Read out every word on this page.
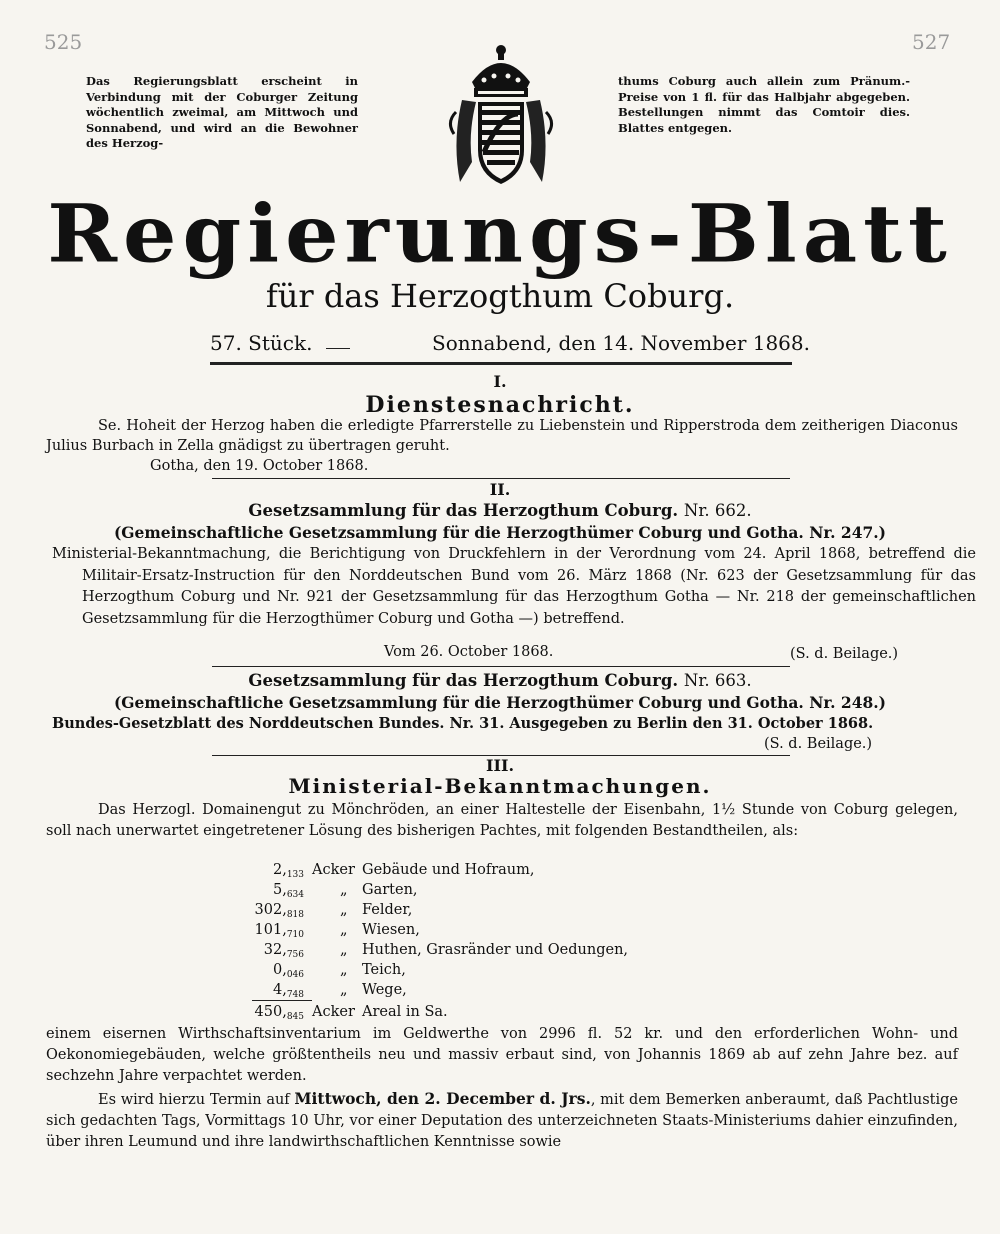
525	527
Das Regierungsblatt erscheint in Verbindung mit der Coburger Zeitung wöchentlich zweimal, am Mittwoch und Sonnabend, und wird an die Bewohner des Herzog-
thums Coburg auch allein zum Pränum.-Preise von 1 fl. für das Halbjahr abgegeben. Bestellungen nimmt das Comtoir dies. Blattes entgegen.
Regierungs-Blatt
für das Herzogthum Coburg.
57. Stück.	Sonnabend, den 14. November 1868.
I.
Dienstesnachricht.
Se. Hoheit der Herzog haben die erledigte Pfarrerstelle zu Liebenstein und Ripperstroda dem zeitherigen Diaconus Julius Burbach in Zella gnädigst zu übertragen geruht.
Gotha, den 19. October 1868.
II.
Gesetzsammlung für das Herzogthum Coburg. Nr. 662.
(Gemeinschaftliche Gesetzsammlung für die Herzogthümer Coburg und Gotha. Nr. 247.)
Ministerial-Bekanntmachung, die Berichtigung von Druckfehlern in der Verordnung vom 24. April 1868, betreffend die Militair-Ersatz-Instruction für den Norddeutschen Bund vom 26. März 1868 (Nr. 623 der Gesetzsammlung für das Herzogthum Coburg und Nr. 921 der Gesetzsammlung für das Herzogthum Gotha — Nr. 218 der gemeinschaftlichen Gesetzsammlung für die Herzogthümer Coburg und Gotha —) betreffend.
Vom 26. October 1868.	(S. d. Beilage.)
Gesetzsammlung für das Herzogthum Coburg. Nr. 663.
(Gemeinschaftliche Gesetzsammlung für die Herzogthümer Coburg und Gotha. Nr. 248.)
Bundes-Gesetzblatt des Norddeutschen Bundes. Nr. 31. Ausgegeben zu Berlin den 31. October 1868.
(S. d. Beilage.)
III.
Ministerial-Bekanntmachungen.
Das Herzogl. Domainengut zu Mönchröden, an einer Haltestelle der Eisenbahn, 1½ Stunde von Coburg gelegen, soll nach unerwartet eingetretener Lösung des bisherigen Pachtes, mit folgenden Bestandtheilen, als:
$2,_{133}$ Acker Gebäude und Hofraum,
$5,_{634}$ „ Garten,
$302,_{818}$ „ Felder,
$101,_{710}$ „ Wiesen,
$32,_{756}$ „ Huthen, Grasränder und Oedungen,
$0,_{046}$ „ Teich,
$4,_{748}$ „ Wege,
$450,_{845}$ Acker Areal in Sa.
einem eisernen Wirthschaftsinventarium im Geldwerthe von 2996 fl. 52 kr. und den erforderlichen Wohn- und Oekonomiegebäuden, welche größtentheils neu und massiv erbaut sind, von Johannis 1869 ab auf zehn Jahre bez. auf sechzehn Jahre verpachtet werden.
Es wird hierzu Termin auf Mittwoch, den 2. December d. Jrs., mit dem Bemerken anberaumt, daß Pachtlustige sich gedachten Tags, Vormittags 10 Uhr, vor einer Deputation des unterzeichneten Staats-Ministeriums dahier einzufinden, über ihren Leumund und ihre landwirthschaftlichen Kenntnisse sowie
